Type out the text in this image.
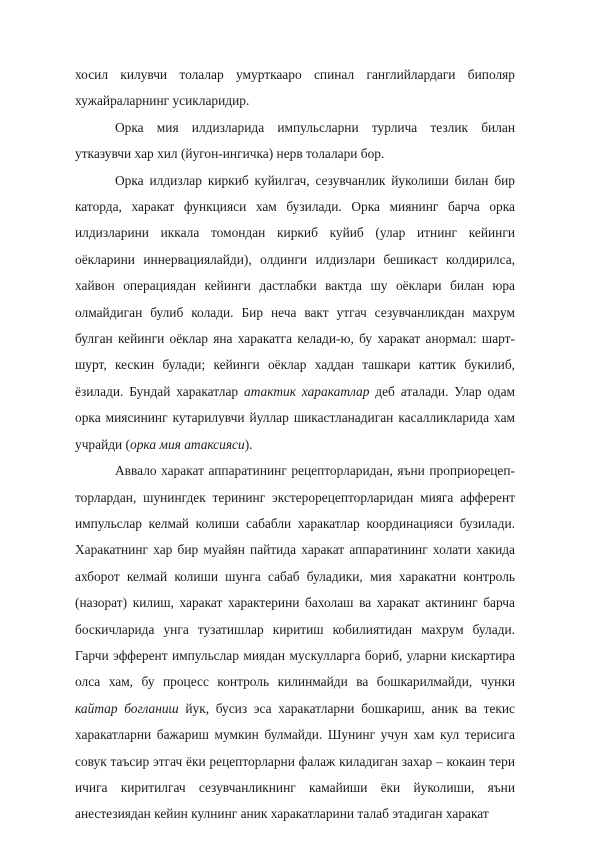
хосил килувчи толалар умурткааро спинал ганглийлардаги биполяр хужайраларнинг усикларидир.

Орка мия илдизларида импульсларни турлича тезлик билан утказувчи хар хил (йугон-ингичка) нерв толалари бор.

Орка илдизлар киркиб куйилгач, сезувчанлик йуколиши билан бир каторда, харакат функцияси хам бузилади. Орка миянинг барча орка илдизларини иккала томондан киркиб куйиб (улар итнинг кейинги оёкларини иннервациялайди), олдинги илдизлари бешикаст колдирилса, хайвон операциядан кейинги дастлабки вактда шу оёклари билан юра олмайдиган булиб колади. Бир неча вакт утгач сезувчанликдан махрум булган кейинги оёклар яна харакатга келади-ю, бу харакат анормал: шарт-шурт, кескин булади; кейинги оёклар хаддан ташкари каттик букилиб, ёзилади. Бундай харакатлар атактик харакатлар деб аталади. Улар одам орка миясининг кутарилувчи йуллар шикастланадиган касалликларида хам учрайди (орка мия атаксияси).

Аввало харакат аппаратининг рецепторларидан, яъни проприорецеп-торлардан, шунингдек терининг экстерорецепторларидан мияга афферент импульслар келмай колиши сабабли харакатлар координацияси бузилади. Харакатнинг хар бир муайян пайтида харакат аппаратининг холати хакида ахборот келмай колиши шунга сабаб буладики, мия харакатни контроль (назорат) килиш, харакат характерини бахолаш ва харакат актининг барча боскичларида унга тузатишлар киритиш кобилиятидан махрум булади. Гарчи эфферент импульслар миядан мускулларга бориб, уларни кискартира олса хам, бу процесс контроль килинмайди ва бошкарилмайди, чунки кайтар богланиш йук, бусиз эса харакатларни бошкариш, аник ва текис харакатларни бажариш мумкин булмайди. Шунинг учун хам кул терисига совук таъсир этгач ёки рецепторларни фалаж киладиган захар – кокаин тери ичига киритилгач сезувчанликнинг камайиши ёки йуколиши, яъни анестезиядан кейин кулнинг аник харакатларини талаб этадиган харакат
